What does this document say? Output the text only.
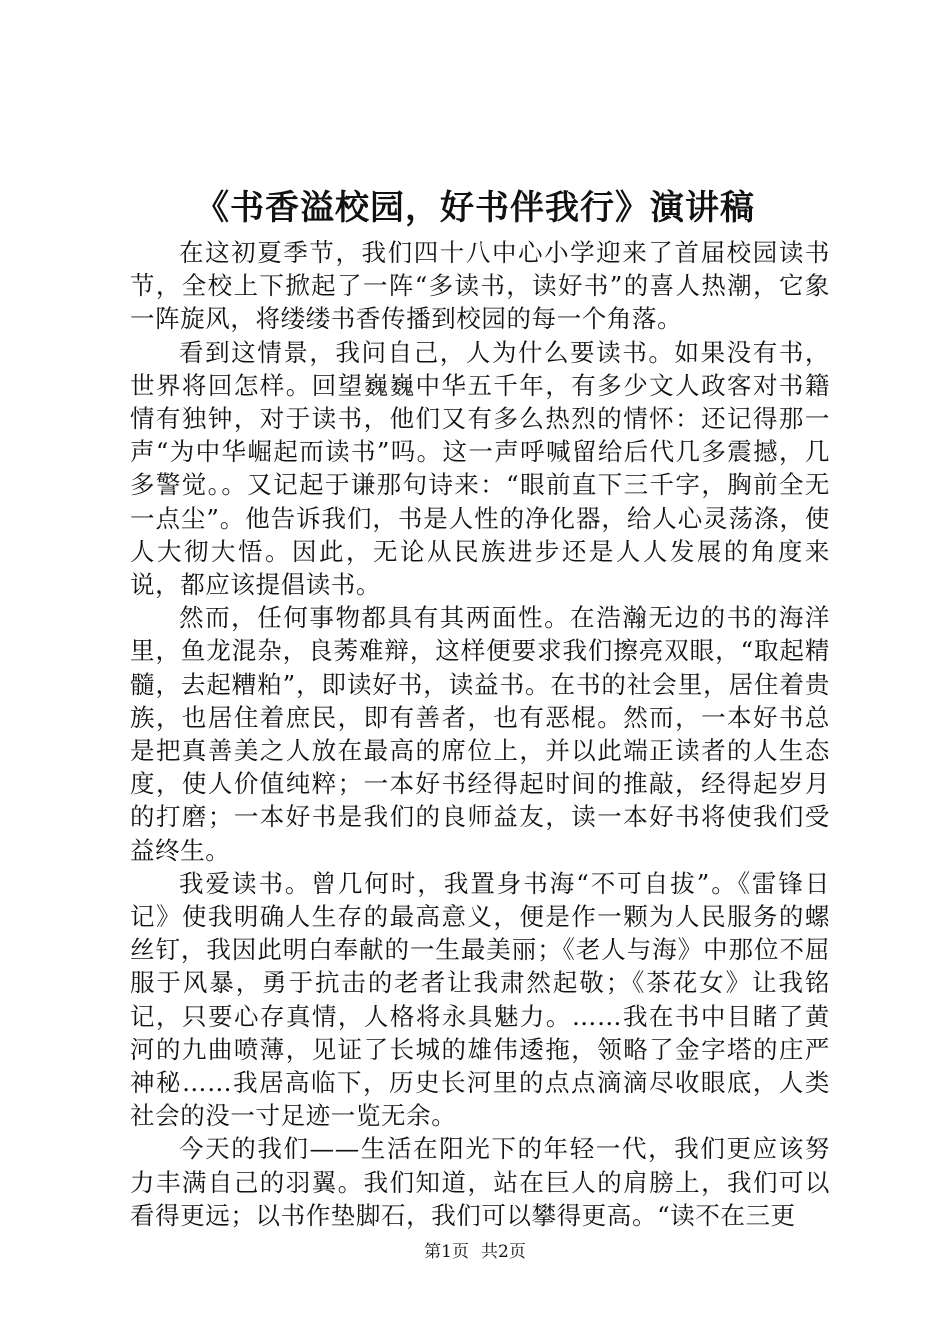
《书香溢校园，好书伴我行》演讲稿

在这初夏季节，我们四十八中心小学迎来了首届校园读书节，全校上下掀起了一阵“多读书，读好书”的喜人热潮，它象一阵旋风，将缕缕书香传播到校园的每一个角落。

看到这情景，我问自己，人为什么要读书。如果没有书，世界将回怎样。回望巍巍中华五千年，有多少文人政客对书籍情有独钟，对于读书，他们又有多么热烈的情怀：还记得那一声“为中华崛起而读书”吗。这一声呼喊留给后代几多震撼，几多警觉。。又记起于谦那句诗来：“眼前直下三千字，胸前全无一点尘”。他告诉我们，书是人性的净化器，给人心灵荡涤，使人大彻大悟。因此，无论从民族进步还是人人发展的角度来说，都应该提倡读书。

然而，任何事物都具有其两面性。在浩瀚无边的书的海洋里，鱼龙混杂，良莠难辩，这样便要求我们擦亮双眼，“取起精髓，去起糟粕”，即读好书，读益书。在书的社会里，居住着贵族，也居住着庶民，即有善者，也有恶棍。然而，一本好书总是把真善美之人放在最高的席位上，并以此端正读者的人生态度，使人价值纯粹；一本好书经得起时间的推敲，经得起岁月的打磨；一本好书是我们的良师益友，读一本好书将使我们受益终生。

我爱读书。曾几何时，我置身书海“不可自拔”。《雷锋日记》使我明确人生存的最高意义，便是作一颗为人民服务的螺丝钉，我因此明白奉献的一生最美丽；《老人与海》中那位不屈服于风暴，勇于抗击的老者让我肃然起敬；《茶花女》让我铭记，只要心存真情，人格将永具魅力。……我在书中目睹了黄河的九曲喷薄，见证了长城的雄伟逶拖，领略了金字塔的庄严神秘……我居高临下，历史长河里的点点滴滴尽收眼底，人类社会的没一寸足迹一览无余。

今天的我们——生活在阳光下的年轻一代，我们更应该努力丰满自己的羽翼。我们知道，站在巨人的肩膀上，我们可以看得更远；以书作垫脚石，我们可以攀得更高。“读不在三更

第1页 共2页
